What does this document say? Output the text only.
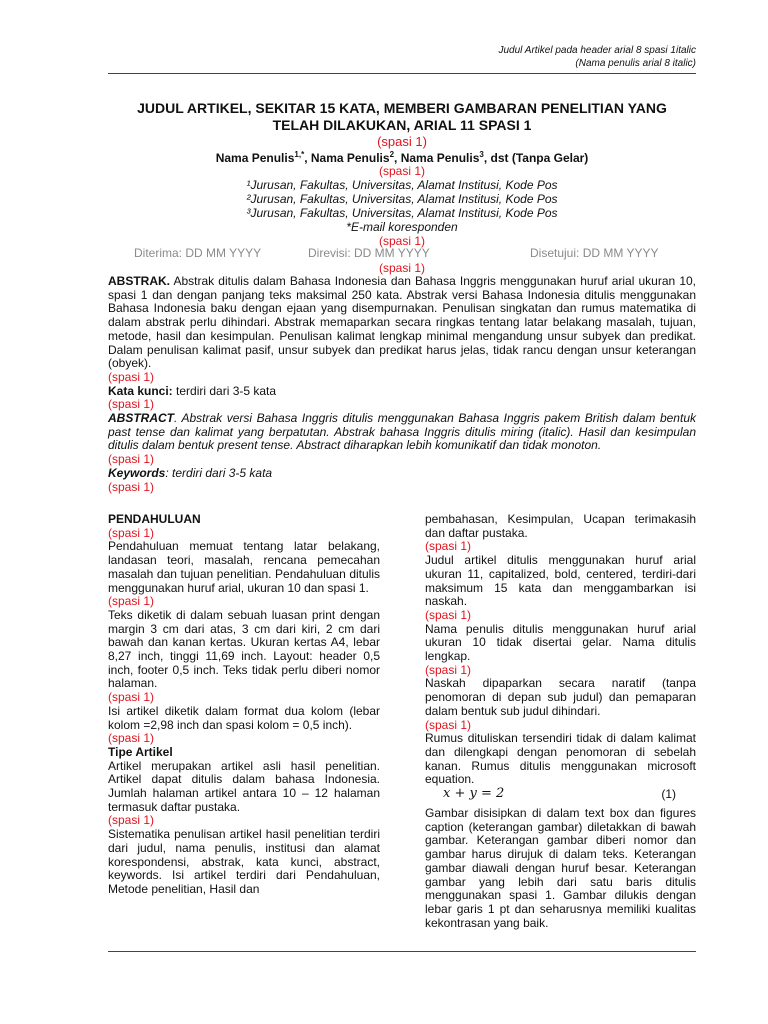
Judul Artikel pada header arial 8 spasi 1italic
(Nama penulis arial 8 italic)
JUDUL ARTIKEL, SEKITAR 15 KATA, MEMBERI GAMBARAN PENELITIAN YANG
TELAH DILAKUKAN, ARIAL 11 SPASI 1
(spasi 1)
Nama Penulis$^{1,*}$, Nama Penulis$^2$, Nama Penulis$^3$, dst (Tanpa Gelar)
(spasi 1)
¹Jurusan, Fakultas, Universitas, Alamat Institusi, Kode Pos
²Jurusan, Fakultas, Universitas, Alamat Institusi, Kode Pos
³Jurusan, Fakultas, Universitas, Alamat Institusi, Kode Pos
*E-mail koresponden
(spasi 1)
Diterima: DD MM YYYY	Direvisi: DD MM YYYY	Disetujui: DD MM YYYY
(spasi 1)

ABSTRAK. Abstrak ditulis dalam Bahasa Indonesia dan Bahasa Inggris menggunakan huruf arial ukuran 10, spasi 1 dan dengan panjang teks maksimal 250 kata. Abstrak versi Bahasa Indonesia ditulis menggunakan Bahasa Indonesia baku dengan ejaan yang disempurnakan. Penulisan singkatan dan rumus matematika di dalam abstrak perlu dihindari. Abstrak memaparkan secara ringkas tentang latar belakang masalah, tujuan, metode, hasil dan kesimpulan. Penulisan kalimat lengkap minimal mengandung unsur subyek dan predikat. Dalam penulisan kalimat pasif, unsur subyek dan predikat harus jelas, tidak rancu dengan unsur keterangan (obyek).

(spasi 1)

Kata kunci: terdiri dari 3-5 kata

(spasi 1)

ABSTRACT. Abstrak versi Bahasa Inggris ditulis menggunakan Bahasa Inggris pakem British dalam bentuk past tense dan kalimat yang berpatutan. Abstrak bahasa Inggris ditulis miring (italic). Hasil dan kesimpulan ditulis dalam bentuk present tense. Abstract diharapkan lebih komunikatif dan tidak monoton.

(spasi 1)

Keywords: terdiri dari 3-5 kata

(spasi 1)

PENDAHULUAN

(spasi 1)

Pendahuluan memuat tentang latar belakang, landasan teori, masalah, rencana pemecahan masalah dan tujuan penelitian. Pendahuluan ditulis menggunakan huruf arial, ukuran 10 dan spasi 1.

(spasi 1)

Teks diketik di dalam sebuah luasan print dengan margin 3 cm dari atas, 3 cm dari kiri, 2 cm dari bawah dan kanan kertas. Ukuran kertas A4, lebar 8,27 inch, tinggi 11,69 inch. Layout: header 0,5 inch, footer 0,5 inch. Teks tidak perlu diberi nomor halaman.

(spasi 1)

Isi artikel diketik dalam format dua kolom (lebar kolom =2,98 inch dan spasi kolom = 0,5 inch).

(spasi 1)

Tipe Artikel

Artikel merupakan artikel asli hasil penelitian. Artikel dapat ditulis dalam bahasa Indonesia. Jumlah halaman artikel antara 10 – 12 halaman termasuk daftar pustaka.

(spasi 1)

Sistematika penulisan artikel hasil penelitian terdiri dari judul, nama penulis, institusi dan alamat korespondensi, abstrak, kata kunci, abstract, keywords. Isi artikel terdiri dari Pendahuluan, Metode penelitian, Hasil dan

pembahasan, Kesimpulan, Ucapan terimakasih dan daftar pustaka.

(spasi 1)

Judul artikel ditulis menggunakan huruf arial ukuran 11, capitalized, bold, centered, terdiri-dari maksimum 15 kata dan menggambarkan isi naskah.

(spasi 1)

Nama penulis ditulis menggunakan huruf arial ukuran 10 tidak disertai gelar. Nama ditulis lengkap.

(spasi 1)

Naskah dipaparkan secara naratif (tanpa penomoran di depan sub judul) dan pemaparan dalam bentuk sub judul dihindari.

(spasi 1)

Rumus dituliskan tersendiri tidak di dalam kalimat dan dilengkapi dengan penomoran di sebelah kanan. Rumus ditulis menggunakan microsoft equation.

x + y = 2	(1)

Gambar disisipkan di dalam text box dan figures caption (keterangan gambar) diletakkan di bawah gambar. Keterangan gambar diberi nomor dan gambar harus dirujuk di dalam teks. Keterangan gambar diawali dengan huruf besar. Keterangan gambar yang lebih dari satu baris ditulis menggunakan spasi 1. Gambar dilukis dengan lebar garis 1 pt dan seharusnya memiliki kualitas kekontrasan yang baik.
